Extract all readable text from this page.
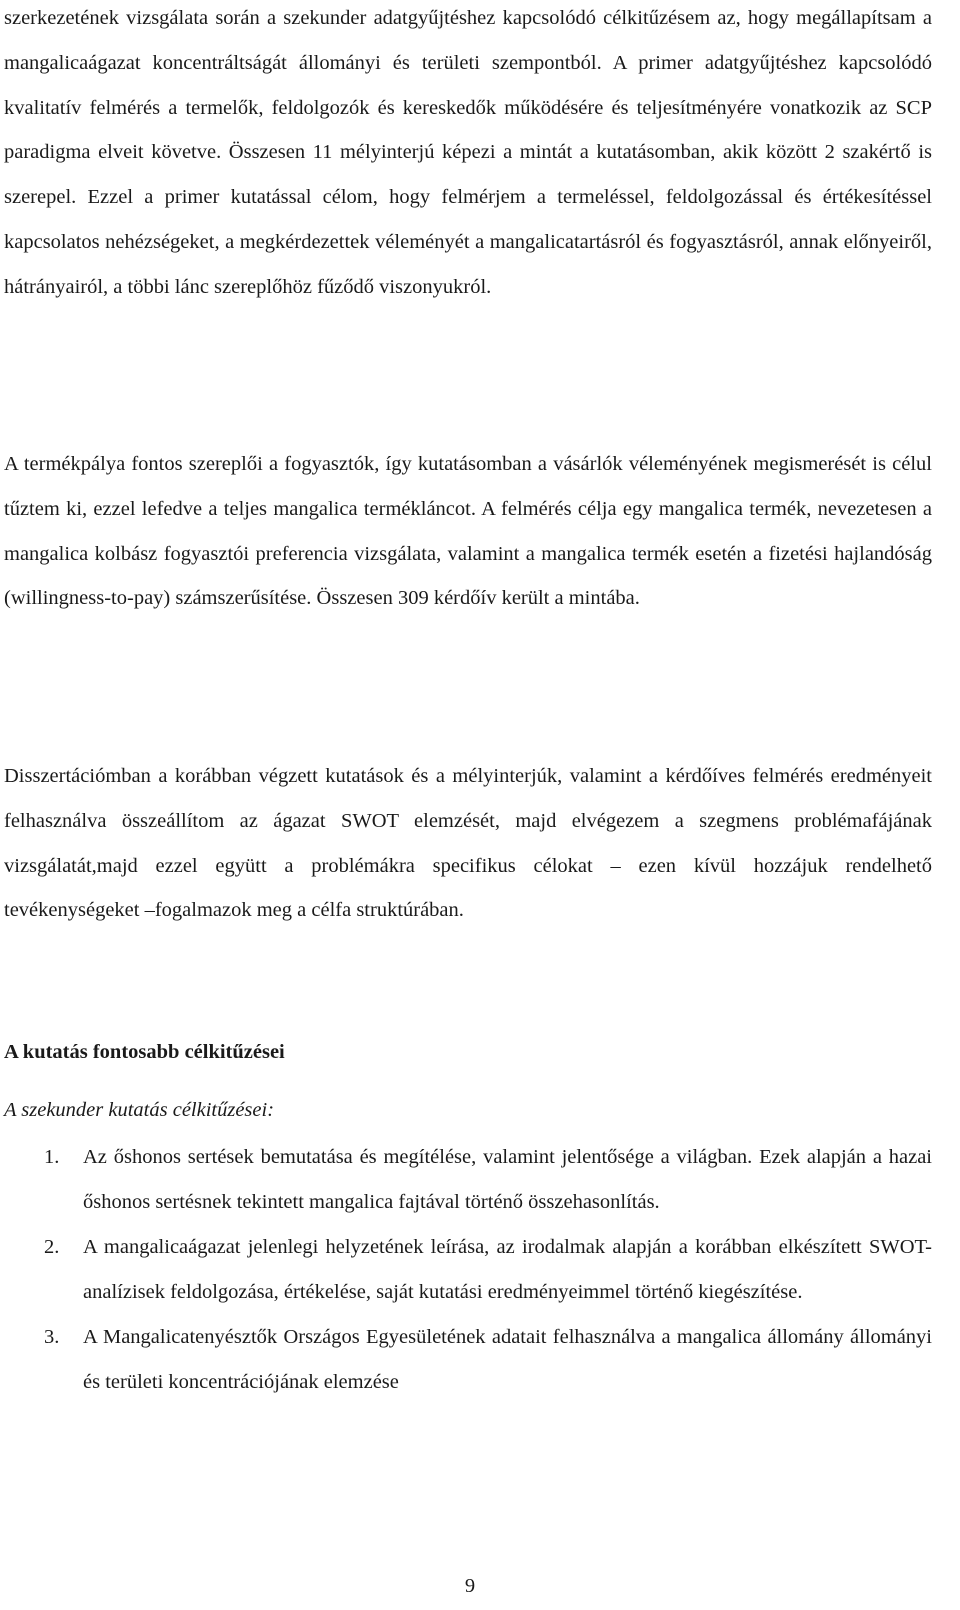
szerkezetének vizsgálata során a szekunder adatgyűjtéshez kapcsolódó célkitűzésem az, hogy megállapítsam a mangalicaágazat koncentráltságát állományi és területi szempontból. A primer adatgyűjtéshez kapcsolódó kvalitatív felmérés a termelők, feldolgozók és kereskedők működésére és teljesítményére vonatkozik az SCP paradigma elveit követve. Összesen 11 mélyinterjú képezi a mintát a kutatásomban, akik között 2 szakértő is szerepel. Ezzel a primer kutatással célom, hogy felmérjem a termeléssel, feldolgozással és értékesítéssel kapcsolatos nehézségeket, a megkérdezettek véleményét a mangalicatartásról és fogyasztásról, annak előnyeiről, hátrányairól, a többi lánc szereplőhöz fűződő viszonyukról.

A termékpálya fontos szereplői a fogyasztók, így kutatásomban a vásárlók véleményének megismerését is célul tűztem ki, ezzel lefedve a teljes mangalica termékláncot. A felmérés célja egy mangalica termék, nevezetesen a mangalica kolbász fogyasztói preferencia vizsgálata, valamint a mangalica termék esetén a fizetési hajlandóság (willingness-to-pay) számszerűsítése. Összesen 309 kérdőív került a mintába.

Disszertációmban a korábban végzett kutatások és a mélyinterjúk, valamint a kérdőíves felmérés eredményeit felhasználva összeállítom az ágazat SWOT elemzését, majd elvégezem a szegmens problémafájának vizsgálatát,majd ezzel együtt a problémákra specifikus célokat – ezen kívül hozzájuk rendelhető tevékenységeket –fogalmazok meg a célfa struktúrában.

A kutatás fontosabb célkitűzései

A szekunder kutatás célkitűzései:

1. Az őshonos sertések bemutatása és megítélése, valamint jelentősége a világban. Ezek alapján a hazai őshonos sertésnek tekintett mangalica fajtával történő összehasonlítás.
2. A mangalicaágazat jelenlegi helyzetének leírása, az irodalmak alapján a korábban elkészített SWOT-analízisek feldolgozása, értékelése, saját kutatási eredményeimmel történő kiegészítése.
3. A Mangalicatenyésztők Országos Egyesületének adatait felhasználva a mangalica állomány állományi és területi koncentrációjának elemzése
9
